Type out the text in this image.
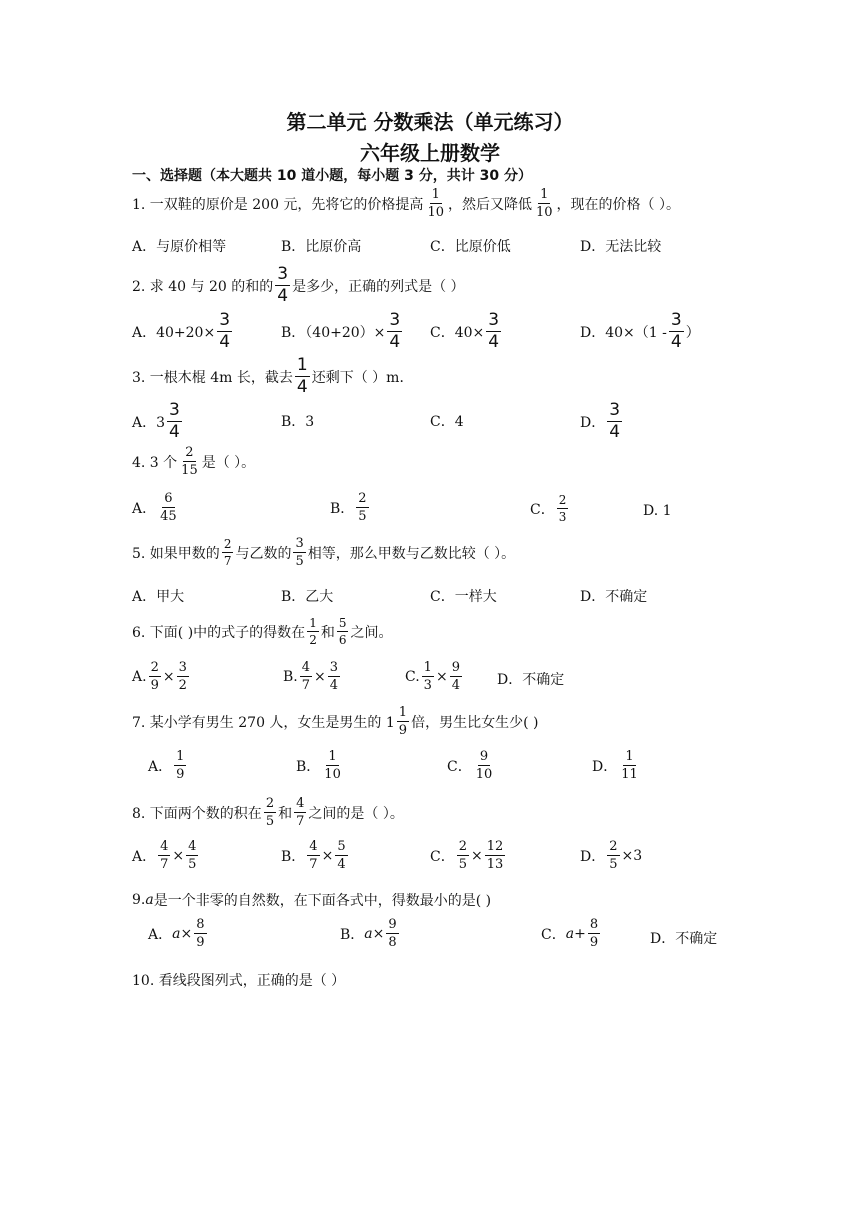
第二单元 分数乘法（单元练习）
六年级上册数学
一、选择题（本大题共 10 道小题，每小题 3 分，共计 30 分）
1. 一双鞋的原价是 200 元，先将它的价格提高 $\frac{1}{10}$ ，然后又降低 $\frac{1}{10}$ ，现在的价格（ ）。
A．与原价相等	B．比原价高	C．比原价低	D．无法比较
2. 求 40 与 20 的和的 $\frac{3}{4}$ 是多少，正确的列式是（ ）
A．$40+20\times \frac{3}{4}$	B．$(40+20)\times \frac{3}{4}$ C．$40\times \frac{3}{4}$	D．$40\times(1 - \frac{3}{4}$ ）
3. 一根木棍 4m 长，截去 $\frac{1}{4}$ 还剩下（ ）m．
A．$3 \frac{3}{4}$	B．3	C．4	D． $\frac{3}{4}$
4. 3 个 $\frac{2}{15}$ 是（ ）。
A． $\frac{6}{45}$	B． $\frac{2}{5}$	C． $\frac{2}{3}$	D. 1
5. 如果甲数的 $\frac{2}{7}$ 与乙数的 $\frac{3}{5}$ 相等，那么甲数与乙数比较（ ）。
A．甲大	B．乙大	C．一样大	D．不确定
6. 下面( )中的式子的得数在 $\frac{1}{2}$ 和 $\frac{5}{6}$ 之间。
A. $\frac{2}{9} \times \frac{3}{2}$	B. $\frac{4}{7} \times \frac{3}{4}$	C. $\frac{1}{3} \times \frac{9}{4}$	D．不确定
7. 某小学有男生 270 人，女生是男生的 $1 \frac{1}{9}$ 倍，男生比女生少( )
A． $\frac{1}{9}$	B． $\frac{1}{10}$	C． $\frac{9}{10}$	D． $\frac{1}{11}$
8. 下面两个数的积在 $\frac{2}{5}$ 和 $\frac{4}{7}$ 之间的是（ ）。
A． $\frac{4}{7} \times \frac{4}{5}$	B． $\frac{4}{7} \times \frac{5}{4}$	C． $\frac{2}{5} \times \frac{12}{13}$	D． $\frac{2}{5} \times 3$
9. a 是一个非零的自然数，在下面各式中，得数最小的是( )
A． $a \times \frac{8}{9}$	B． $a \times \frac{9}{8}$	C． $a + \frac{8}{9}$	D．不确定
10. 看线段图列式，正确的是（ ）
